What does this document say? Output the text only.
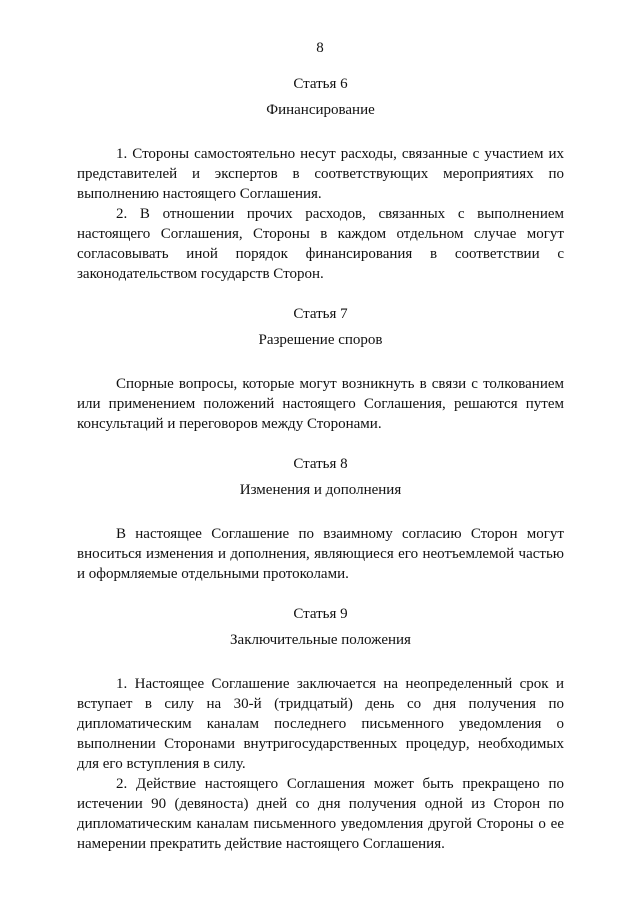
8
Статья 6
Финансирование

1. Стороны самостоятельно несут расходы, связанные с участием их представителей и экспертов в соответствующих мероприятиях по выполнению настоящего Соглашения.

2. В отношении прочих расходов, связанных с выполнением настоящего Соглашения, Стороны в каждом отдельном случае могут согласовывать иной порядок финансирования в соответствии с законодательством государств Сторон.

Статья 7
Разрешение споров

Спорные вопросы, которые могут возникнуть в связи с толкованием или применением положений настоящего Соглашения, решаются путем консультаций и переговоров между Сторонами.

Статья 8
Изменения и дополнения

В настоящее Соглашение по взаимному согласию Сторон могут вноситься изменения и дополнения, являющиеся его неотъемлемой частью и оформляемые отдельными протоколами.

Статья 9
Заключительные положения

1. Настоящее Соглашение заключается на неопределенный срок и вступает в силу на 30-й (тридцатый) день со дня получения по дипломатическим каналам последнего письменного уведомления о выполнении Сторонами внутригосударственных процедур, необходимых для его вступления в силу.

2. Действие настоящего Соглашения может быть прекращено по истечении 90 (девяноста) дней со дня получения одной из Сторон по дипломатическим каналам письменного уведомления другой Стороны о ее намерении прекратить действие настоящего Соглашения.
